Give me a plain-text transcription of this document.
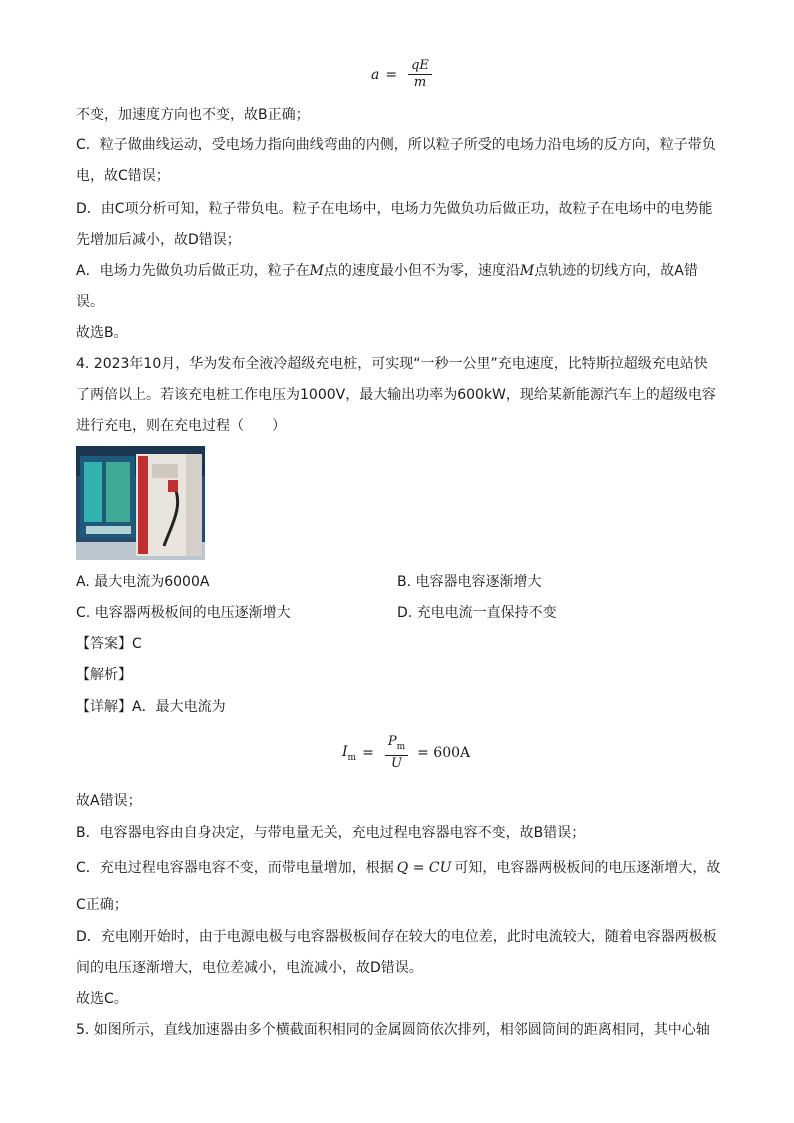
$a = \frac{qE}{m}$
不变，加速度方向也不变，故B正确；
C．粒子做曲线运动，受电场力指向曲线弯曲的内侧，所以粒子所受的电场力沿电场的反方向，粒子带负
电，故C错误；
D．由C项分析可知，粒子带负电。粒子在电场中，电场力先做负功后做正功，故粒子在电场中的电势能
先增加后减小，故D错误；
A．电场力先做负功后做正功，粒子在M点的速度最小但不为零，速度沿M点轨迹的切线方向，故A错
误。
故选B。
4. 2023年10月，华为发布全液冷超级充电桩，可实现“一秒一公里”充电速度，比特斯拉超级充电站快
了两倍以上。若该充电桩工作电压为1000V，最大输出功率为600kW，现给某新能源汽车上的超级电容
进行充电，则在充电过程（　　）
A. 最大电流为6000A	B. 电容器电容逐渐增大
C. 电容器两极板间的电压逐渐增大	D. 充电电流一直保持不变
【答案】C
【解析】
【详解】A．最大电流为
$I_m = \frac{P_m}{U} = 600A$
故A错误；
B．电容器电容由自身决定，与带电量无关，充电过程电容器电容不变，故B错误；
C．充电过程电容器电容不变，而带电量增加，根据 Q = CU 可知，电容器两极板间的电压逐渐增大，故
C正确；
D．充电刚开始时，由于电源电极与电容器极板间存在较大的电位差，此时电流较大，随着电容器两极板
间的电压逐渐增大，电位差减小，电流减小，故D错误。
故选C。
5. 如图所示，直线加速器由多个横截面积相同的金属圆筒依次排列，相邻圆筒间的距离相同，其中心轴
